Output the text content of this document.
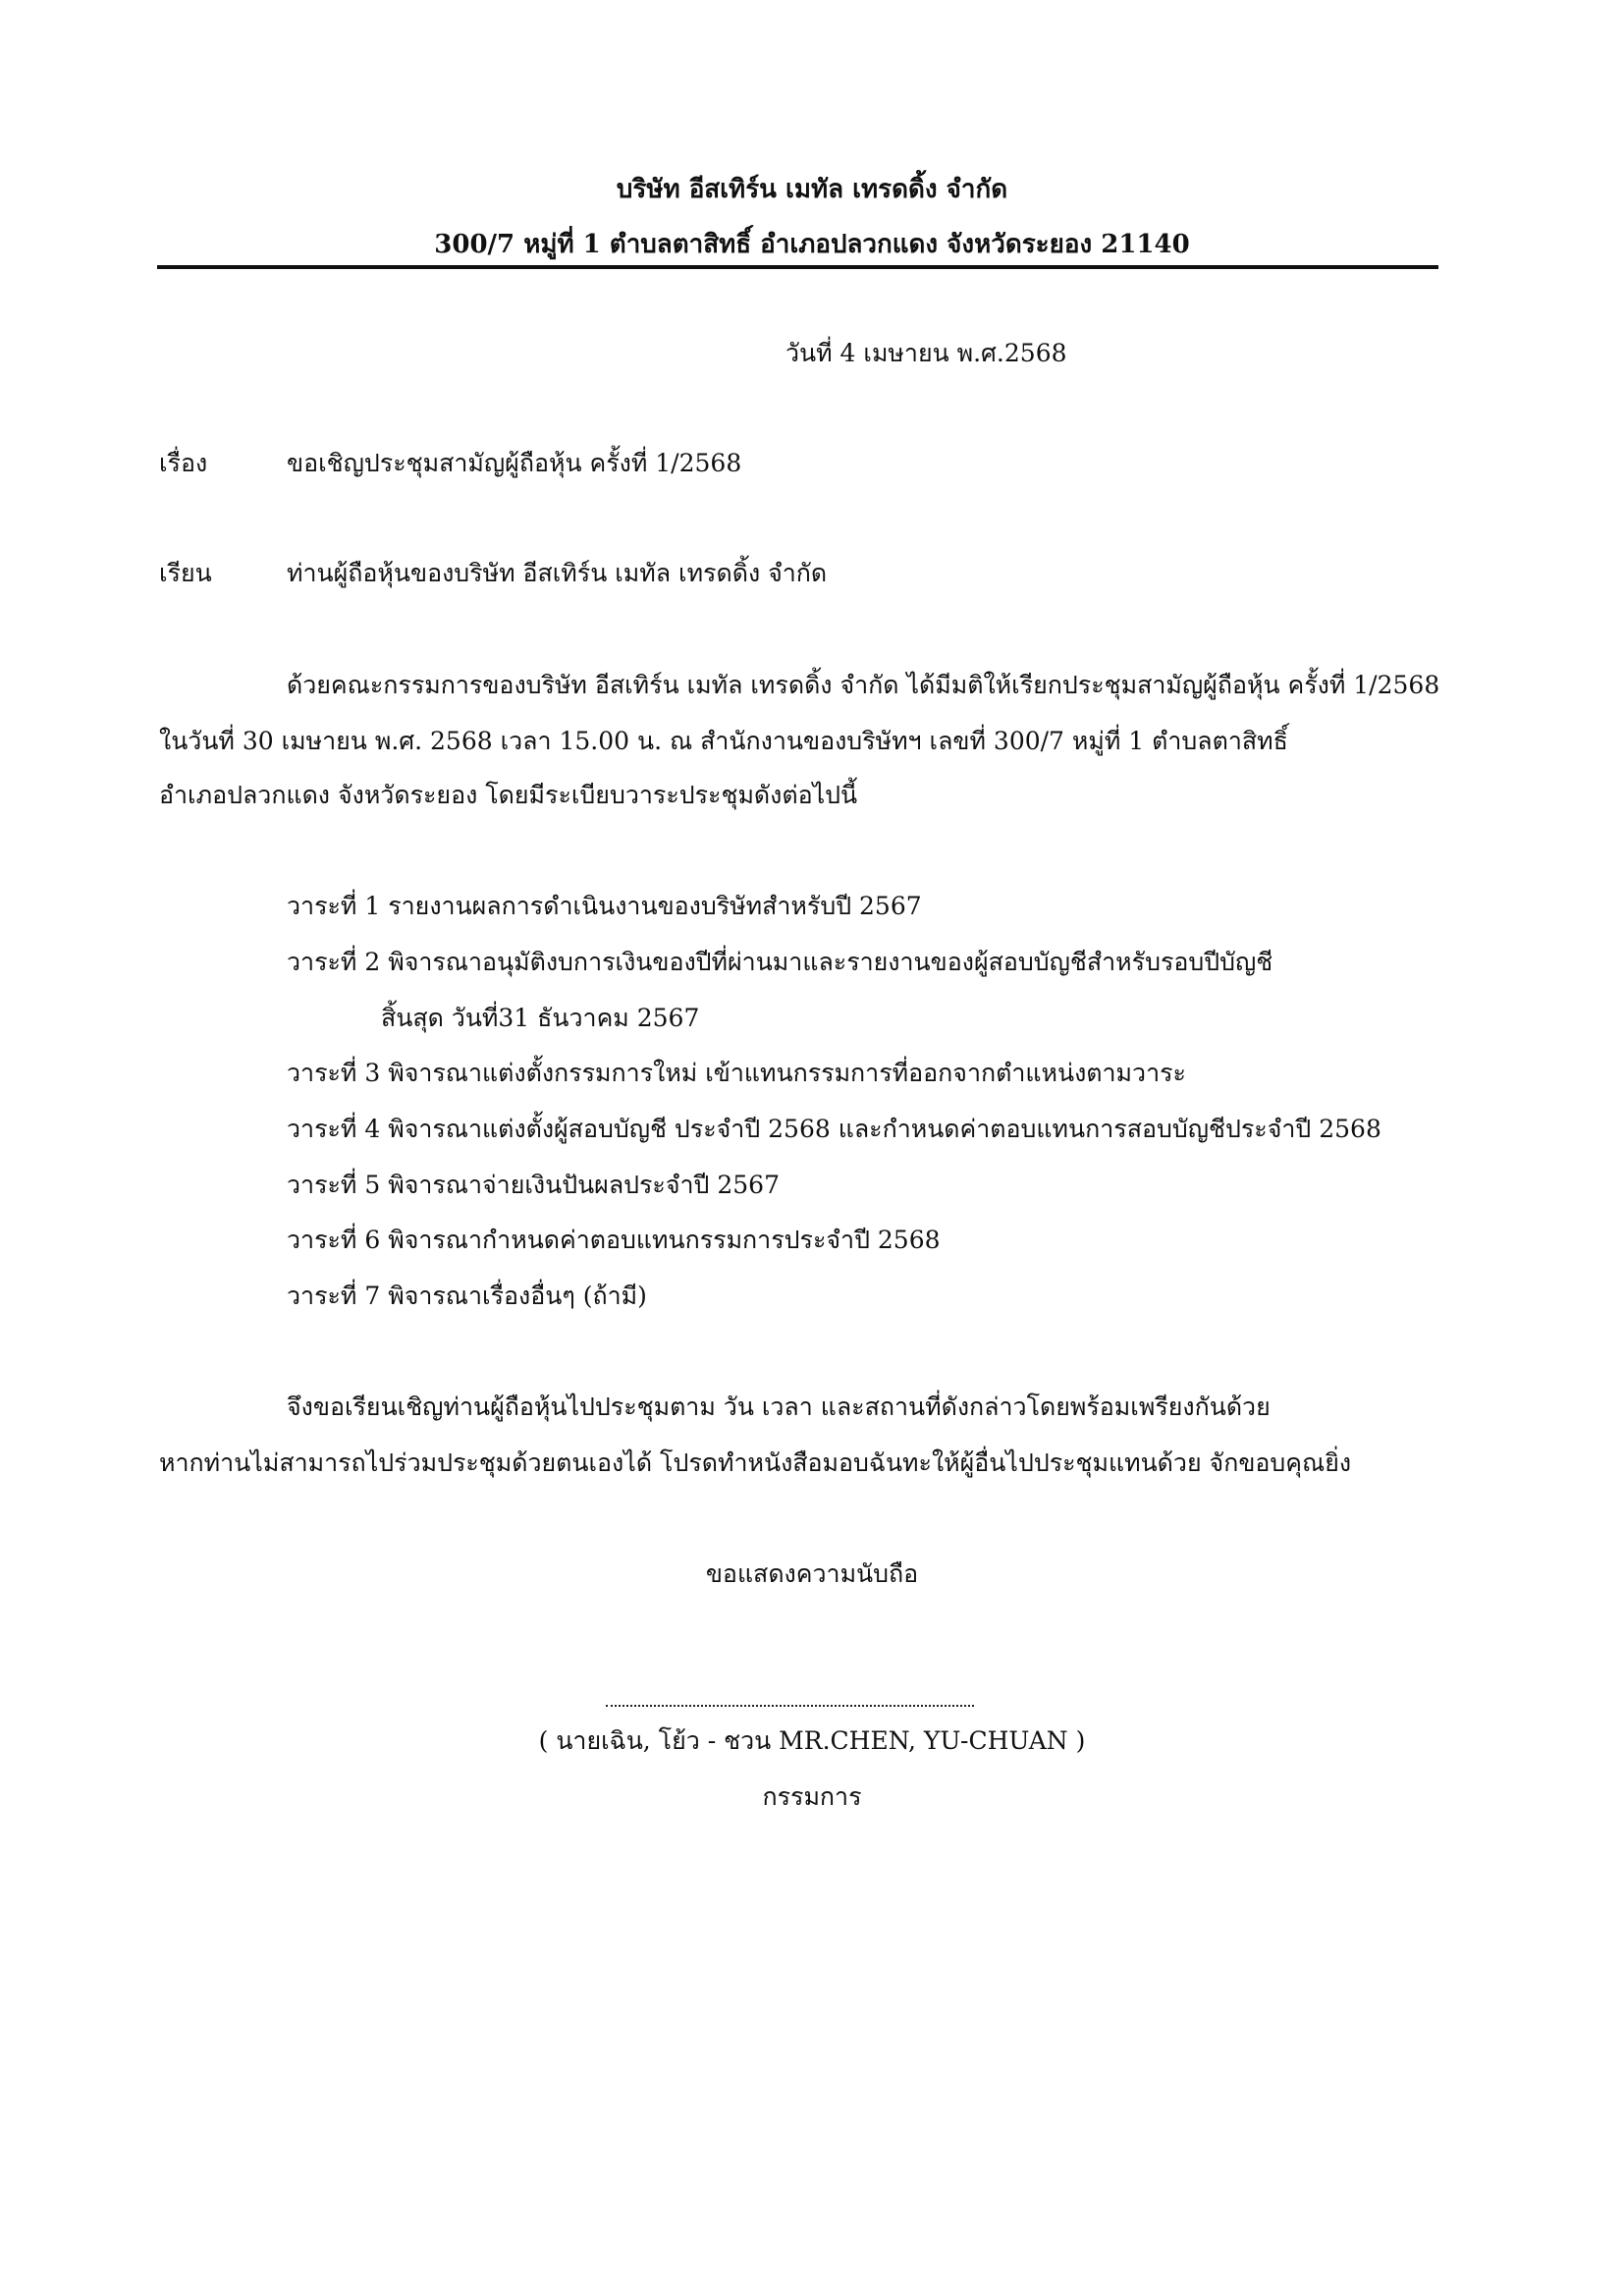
บริษัท อีสเทิร์น เมทัล เทรดดิ้ง จำกัด
300/7 หมู่ที่ 1 ตำบลตาสิทธิ์ อำเภอปลวกแดง จังหวัดระยอง 21140
วันที่ 4 เมษายน พ.ศ.2568
เรื่อง	ขอเชิญประชุมสามัญผู้ถือหุ้น ครั้งที่ 1/2568
เรียน	ท่านผู้ถือหุ้นของบริษัท อีสเทิร์น เมทัล เทรดดิ้ง จำกัด
ด้วยคณะกรรมการของบริษัท อีสเทิร์น เมทัล เทรดดิ้ง จำกัด ได้มีมติให้เรียกประชุมสามัญผู้ถือหุ้น ครั้งที่ 1/2568
ในวันที่ 30 เมษายน พ.ศ. 2568 เวลา 15.00 น. ณ สำนักงานของบริษัทฯ เลขที่ 300/7 หมู่ที่ 1 ตำบลตาสิทธิ์
อำเภอปลวกแดง จังหวัดระยอง โดยมีระเบียบวาระประชุมดังต่อไปนี้
วาระที่ 1 รายงานผลการดำเนินงานของบริษัทสำหรับปี 2567
วาระที่ 2 พิจารณาอนุมัติงบการเงินของปีที่ผ่านมาและรายงานของผู้สอบบัญชีสำหรับรอบปีบัญชี
สิ้นสุด วันที่31 ธันวาคม 2567
วาระที่ 3 พิจารณาแต่งตั้งกรรมการใหม่ เข้าแทนกรรมการที่ออกจากตำแหน่งตามวาระ
วาระที่ 4 พิจารณาแต่งตั้งผู้สอบบัญชี ประจำปี 2568 และกำหนดค่าตอบแทนการสอบบัญชีประจำปี 2568
วาระที่ 5 พิจารณาจ่ายเงินปันผลประจำปี 2567
วาระที่ 6 พิจารณากำหนดค่าตอบแทนกรรมการประจำปี 2568
วาระที่ 7 พิจารณาเรื่องอื่นๆ (ถ้ามี)
จึงขอเรียนเชิญท่านผู้ถือหุ้นไปประชุมตาม วัน เวลา และสถานที่ดังกล่าวโดยพร้อมเพรียงกันด้วย
หากท่านไม่สามารถไปร่วมประชุมด้วยตนเองได้ โปรดทำหนังสือมอบฉันทะให้ผู้อื่นไปประชุมแทนด้วย จักขอบคุณยิ่ง
ขอแสดงความนับถือ
( นายเฉิน, โย้ว - ชวน MR.CHEN, YU-CHUAN )
กรรมการ
